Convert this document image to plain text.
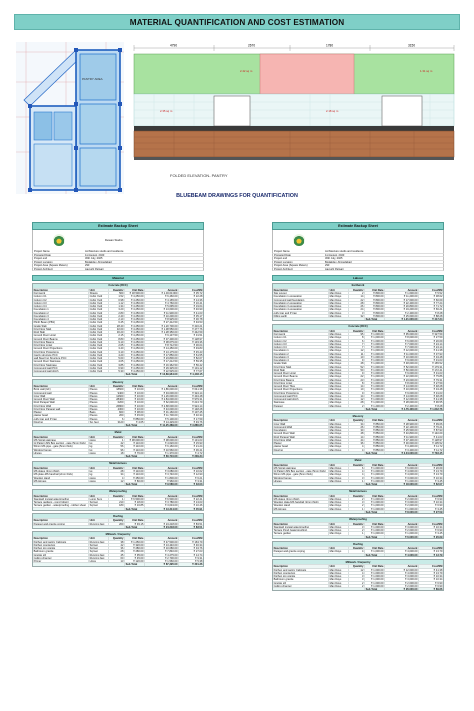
MATERIAL QUANTIFICATION AND COST ESTIMATION
PANTRY AREA
4790	2670	1780	3150
2.35 sq m
2.42 sq m
2.18 sq m
1.31 sq m
FOLDED ELEVATION- PANTRY
BLUEBEAM DRAWINGS FOR QUANTIFICATION
Estimate Backup Sheet
Dewan Studio
Project Name	Architecture studio and residence
Prepared Date	1st August, 2023
Project end	30th July, 2025
Project Location	Bodakdev, Ahmedabad
Project Area (Square Meters)	290
Project Architect	Aayushi Patwari
Material
Concrete (RCC)
Description	Unit	Quantity	Unit Rate	Amount	Cost/SM
Formwork	Sheets	560	₹ 18,500.00	₹ 1,03,60,000	₹ 35.72
Column C1	Cubic Yard	1.52	₹ 4,250.00	₹ 6,460.00	₹ 22.28
Column C2	Cubic Yard	0.98	₹ 4,250.00	₹ 4,165.00	₹ 14.36
Column C3	Cubic Yard	1.12	₹ 4,250.00	₹ 4,760.00	₹ 16.41
Column C4	Cubic Yard	1.34	₹ 4,250.00	₹ 5,695.00	₹ 19.64
Foundation 1	Cubic Yard	3.20	₹ 4,250.00	₹ 13,600.00	₹ 46.90
Foundation 2	Cubic Yard	2.80	₹ 4,250.00	₹ 11,900.00	₹ 41.03
Foundation 3	Cubic Yard	2.40	₹ 4,250.00	₹ 10,200.00	₹ 35.17
Foundation 4	Cubic Yard	2.10	₹ 4,250.00	₹ 8,925.00	₹ 30.78
Plinth Beam (PB1)	Cubic Yard	6.45	₹ 4,250.00	₹ 27,412.50	₹ 94.53
Grade Slab	Cubic Yard	28.40	₹ 4,250.00	₹ 1,20,700.00	₹ 416.21
First Floor Slab	Cubic Yard	32.60	₹ 4,250.00	₹ 1,38,550.00	₹ 477.76
Roof Slab	Cubic Yard	30.20	₹ 4,250.00	₹ 1,28,350.00	₹ 442.59
Ground Floor Lintel	Cubic Yard	2.15	₹ 4,250.00	₹ 9,137.50	₹ 31.51
Ground Floor Beams	Cubic Yard	8.80	₹ 4,250.00	₹ 37,400.00	₹ 128.97
First Floor Beams	Cubic Yard	9.10	₹ 4,250.00	₹ 38,675.00	₹ 133.36
First Floor Lintel	Cubic Yard	2.05	₹ 4,250.00	₹ 8,712.50	₹ 30.04
Ground Floor Projections	Cubic Yard	3.40	₹ 4,250.00	₹ 14,450.00	₹ 49.83
First Floor Projections	Cubic Yard	3.10	₹ 4,250.00	₹ 13,175.00	₹ 45.43
Cavity structure PCC	Cubic Yard	4.20	₹ 4,250.00	₹ 17,850.00	₹ 61.55
wall Steel Ing Structure PCC	Cubic Yard	5.60	₹ 4,250.00	₹ 23,800.00	₹ 82.07
Ground Floor Staircase	Cubic Yard	4.05	₹ 4,250.00	₹ 17,212.50	₹ 59.35
First Floor Staircase	Cubic Yard	3.85	₹ 4,250.00	₹ 16,362.50	₹ 56.42
Compound wall PCC	Cubic Yard	6.90	₹ 4,250.00	₹ 29,325.00	₹ 101.12
Compound wall plinth	Cubic Yard	5.30	₹ 4,250.00	₹ 22,525.00	₹ 77.67
Sub Total	₹ 12,89,964.00	₹ 4,448.15
Masonry
Description	Unit	Quantity	Unit Rate	Amount	Cost/SM
Brick wall (GF)	Pieces	18600	₹ 10.00	₹ 1,86,000.00	₹ 641.38
Compound wall	Pieces	9400	₹ 10.00	₹ 94,000.00	₹ 324.14
Inner Wall	Pieces	12600	₹ 10.00	₹ 1,26,000.00	₹ 434.48
Ground Floor Wall	Pieces	28400	₹ 10.00	₹ 2,84,000.00	₹ 979.31
Roof Parapet Wall	Pieces	6200	₹ 10.00	₹ 62,000.00	₹ 213.79
First Floor Wall	Pieces	26800	₹ 10.00	₹ 2,68,000.00	₹ 924.14
First Floor Parapet wall	Pieces	4300	₹ 10.00	₹ 43,000.00	₹ 148.28
Plaster	Bags	820	₹ 38.00	₹ 31,160.00	₹ 107.45
plaster bead	Pieces	260	₹ 45.00	₹ 11,700.00	₹ 40.34
gully trap and P trap	Pieces	6	₹ 850.00	₹ 5,100.00	₹ 17.59
Flooring	Sq. feet	3120	₹ 4.65	₹ 14,429.00	₹ 49.76
Sub Total	₹ 11,25,389.00	₹ 3,880.65
Metal
Description	Unit	Quantity	Unit Rate	Amount	Cost/SM
MS Spiral staircase	piece	1	₹ 38,000.00	₹ 38,000.00	₹ 131.03
GI Pattern MS Box section - gate (5mm thick)	kg	42	₹ 110.00	₹ 4,620.00	₹ 15.93
50mm MS pipe - gate (5mm thick)	kg	56	₹ 110.00	₹ 6,160.00	₹ 21.24
Window frames	kg	96	₹ 110.00	₹ 10,560.00	₹ 36.41
Hinges	piece	18	₹ 76.00	₹ 1,370.00	₹ 4.72
Sub Total	₹ 60,710.00	₹ 209.34
Metal Harness
Description	Unit	Quantity	Unit Rate	Amount	Cost/SM
MS plates (2mm thick)	kg	28	₹ 110.00	₹ 3,080.00	₹ 10.62
MS plate-MS handrail (2mm thick)	kg	34	₹ 110.00	₹ 3,740.00	₹ 12.90
Wooden Hand	piece	4	₹ 450.00	₹ 1,800.00	₹ 6.21
MS Hinges	piece	12	₹ 80.00	₹ 960.00	₹ 3.31
Sub Total	₹ 9,580.00	₹ 33.03
Waterproofing
Description	Unit	Quantity	Unit Rate	Amount	Cost/SM
Standard invisial waterproofing	Lump Sum	1	₹ 6,500.00	₹ 6,500.00	₹ 22.41
Terrace gardens - pond (drain)	Sq feet	210	₹ 18.00	₹ 3,780.00	₹ 13.03
Terrace garden - waterproofing - rubber sheet	Sq feet	180	₹ 16.85	₹ 3,034.00	₹ 10.46
Sub Total	₹ 13,314.00	₹ 45.91
Roofing
Description	Unit	Quantity	Unit Rate	Amount	Cost/SM
Parapet wall granite coping	Running feet	260	₹ 93.15	₹ 24,218.00	₹ 83.51
Sub Total	₹ 24,218.00	₹ 83.51
Millwork / Carpentry
Description	Unit	Quantity	Unit Rate	Amount	Cost/SM
Kitchen and pantry Cabinets	Running feet	38	₹ 1,250.00	₹ 47,500.00	₹ 163.79
Kitchen countertop	Sq feet	42	₹ 320.00	₹ 13,440.00	₹ 46.34
Kitchen top granite	Sq feet	36	₹ 280.00	₹ 10,080.00	₹ 34.76
Bathroom granite	Sq feet	28	₹ 280.00	₹ 7,840.00	₹ 27.03
Granite sill	Running feet	45	₹ 95.00	₹ 4,275.00	₹ 14.74
Ceiling channel	Running feet	60	₹ 45.00	₹ 2,700.00	₹ 9.31
Primer	Litres	13	₹ 120.00	₹ 1,560.00	₹ 5.38
Sub Total	₹ 87,395.00	₹ 301.36
Estimate Backup Sheet
Project Name	Architecture studio and residence
Prepared Date	1st August, 2023
Project end	30th July, 2025
Project Location	Bodakdev, Ahmedabad
Project Area (Square Meters)	290
Project Architect	Aayushi Patwari
Labour
Earthwork
Description	Unit	Quantity	Unit Rate	Amount	Cost/SM
Site Layout	Man Days	2	₹ 800.00	₹ 1,600.00	₹ 5.52
Foundation 1 excavation	Man Days	14	₹ 800.00	₹ 11,200.00	₹ 38.62
Compound wall foundation	Man Days	22	₹ 800.00	₹ 17,600.00	₹ 60.69
Foundation 2 excavation	Man Days	28	₹ 800.00	₹ 22,400.00	₹ 77.24
Foundation 3 excavation	Man Days	26	₹ 800.00	₹ 20,800.00	₹ 71.72
Foundation 4 excavation	Man Days	24	₹ 800.00	₹ 19,200.00	₹ 66.21
gully trap and P trap	Man Days	3	₹ 800.00	₹ 2,400.00	₹ 8.28
Filling earth	Man Days	32	₹ 800.00	₹ 25,600.00	₹ 88.28
Sub Total	₹ 1,21,000.00	₹ 417.24
Concrete (RCC)
Description	Unit	Quantity	Unit Rate	Amount	Cost/SM
Formwork	Man Days	95	₹ 1,000.00	₹ 95,000.00	₹ 327.59
Column C1	Man Days	8	₹ 1,000.00	₹ 8,000.00	₹ 27.59
Column C2	Man Days	6	₹ 1,000.00	₹ 6,000.00	₹ 20.69
Column C3	Man Days	7	₹ 1,000.00	₹ 7,000.00	₹ 24.14
Column C4	Man Days	7	₹ 1,000.00	₹ 7,000.00	₹ 24.14
Foundation 1	Man Days	12	₹ 1,000.00	₹ 12,000.00	₹ 41.38
Foundation 2	Man Days	11	₹ 1,000.00	₹ 11,000.00	₹ 37.93
Foundation 3	Man Days	10	₹ 1,000.00	₹ 10,000.00	₹ 34.48
Foundation 4	Man Days	9	₹ 1,000.00	₹ 9,000.00	₹ 31.03
Grade Slab	Man Days	48	₹ 1,000.00	₹ 48,000.00	₹ 165.52
First Floor Slab	Man Days	52	₹ 1,000.00	₹ 52,000.00	₹ 179.31
Roof Slab	Man Days	50	₹ 1,000.00	₹ 50,000.00	₹ 172.41
Ground Floor Lintel	Man Days	9	₹ 1,000.00	₹ 9,000.00	₹ 31.03
Ground Floor Beams	Man Days	22	₹ 1,000.00	₹ 22,000.00	₹ 75.86
First Floor Beams	Man Days	23	₹ 1,000.00	₹ 23,000.00	₹ 79.31
First Floor Lintel	Man Days	8	₹ 1,000.00	₹ 8,000.00	₹ 27.59
Ground Floor Tiles	Man Days	14	₹ 1,000.00	₹ 14,000.00	₹ 48.28
Ground Floor Projections	Man Days	10	₹ 1,000.00	₹ 10,000.00	₹ 34.48
First Floor Projections	Man Days	9	₹ 1,000.00	₹ 9,000.00	₹ 31.03
Compound wall PCC	Man Days	14	₹ 1,000.00	₹ 14,000.00	₹ 48.28
Compound wall plinth	Man Days	12	₹ 1,000.00	₹ 12,000.00	₹ 41.38
Staircase	Man Days	28	₹ 1,000.00	₹ 28,000.00	₹ 96.55
Parapet	Man Days	2	₹ 1,200.00	₹ 2,400.00	₹ 8.28
Sub Total	₹ 4,76,400.00	₹ 1,642.76
Masonry
Description	Unit	Quantity	Unit Rate	Amount	Cost/SM
Inner Wall	Man Days	34	₹ 850.00	₹ 28,900.00	₹ 99.66
Compound Wall	Man Days	26	₹ 850.00	₹ 22,100.00	₹ 76.21
Foundation	Man Days	30	₹ 850.00	₹ 25,500.00	₹ 87.93
Ground Floor Wall	Man Days	48	₹ 850.00	₹ 40,800.00	₹ 140.69
Roof Parapet Wall	Man Days	14	₹ 850.00	₹ 11,900.00	₹ 41.03
First Floor Wall	Man Days	44	₹ 850.00	₹ 37,400.00	₹ 128.97
Plaster	Man Days	36	₹ 850.00	₹ 30,600.00	₹ 105.52
plaster bead	Man Days	4	₹ 850.00	₹ 3,400.00	₹ 11.72
Flooring	Man Days	4	₹ 850.00	₹ 3,400.00	₹ 11.72
Sub Total	₹ 2,04,000.00	₹ 703.45
Metal
Description	Unit	Quantity	Unit Rate	Amount	Cost/SM
MS Spiral staircase	Man Days	6	₹ 1,000.00	₹ 6,000.00	₹ 20.69
GI Pattern MS Box section - gate (5mm thick)	Man Days	4	₹ 1,000.00	₹ 4,000.00	₹ 13.79
50mm MS pipe - gate (5mm thick)	Man Days	4	₹ 1,000.00	₹ 4,000.00	₹ 13.79
Window frames	Man Days	3	₹ 1,000.00	₹ 3,000.00	₹ 10.34
Hinges	Man Days	1	₹ 1,000.00	₹ 1,000.00	₹ 3.45
Sub Total	₹ 18,000.00	₹ 62.07
Metal Harness
Description	Unit	Quantity	Unit Rate	Amount	Cost/SM
MS plates (2mm thick)	Man Days	2	₹ 1,000.00	₹ 2,000.00	₹ 6.90
Wooden plate-MS handrail (2mm thick)	Man Days	3	₹ 1,000.00	₹ 3,000.00	₹ 10.34
Wooden Hand	Man Days	2	₹ 1,000.00	₹ 2,000.00	₹ 6.90
MS Hinges	Man Days	1	₹ 1,000.00	₹ 1,000.00	₹ 3.45
Sub Total	₹ 8,000.00	₹ 27.59
Waterproofing
Description	Unit	Quantity	Unit Rate	Amount	Cost/SM
Standard invisial waterproofing	Man Days	3	₹ 1,000.00	₹ 3,000.00	₹ 10.34
Terrace Pond (waterproofing)	Man Days	2	₹ 1,000.00	₹ 2,000.00	₹ 6.90
Terrace garden	Man Days	1	₹ 1,000.00	₹ 1,000.00	₹ 3.45
Sub Total	₹ 6,000.00	₹ 20.69
Roofing
Description	Unit	Quantity	Unit Rate	Amount	Cost/SM
Parapet wall granite coping	Man Days	4	₹ 1,000.00	₹ 4,000.00	₹ 13.79
Sub Total	₹ 4,000.00	₹ 13.79
Millwork / Carpentry
Description	Unit	Quantity	Unit Rate	Amount	Cost/SM
Kitchen and pantry Cabinets	Man Days	12	₹ 1,000.00	₹ 12,000.00	₹ 41.38
Kitchen countertop	Man Days	4	₹ 1,000.00	₹ 4,000.00	₹ 13.79
Kitchen top granite	Man Days	3	₹ 1,000.00	₹ 3,000.00	₹ 10.34
Bathroom granite	Man Days	3	₹ 1,000.00	₹ 3,000.00	₹ 10.34
Granite sill	Man Days	2	₹ 1,000.00	₹ 2,000.00	₹ 6.90
Ceiling channel	Man Days	2	₹ 1,000.00	₹ 2,000.00	₹ 6.90
Sub Total	₹ 26,000.00	₹ 89.66
